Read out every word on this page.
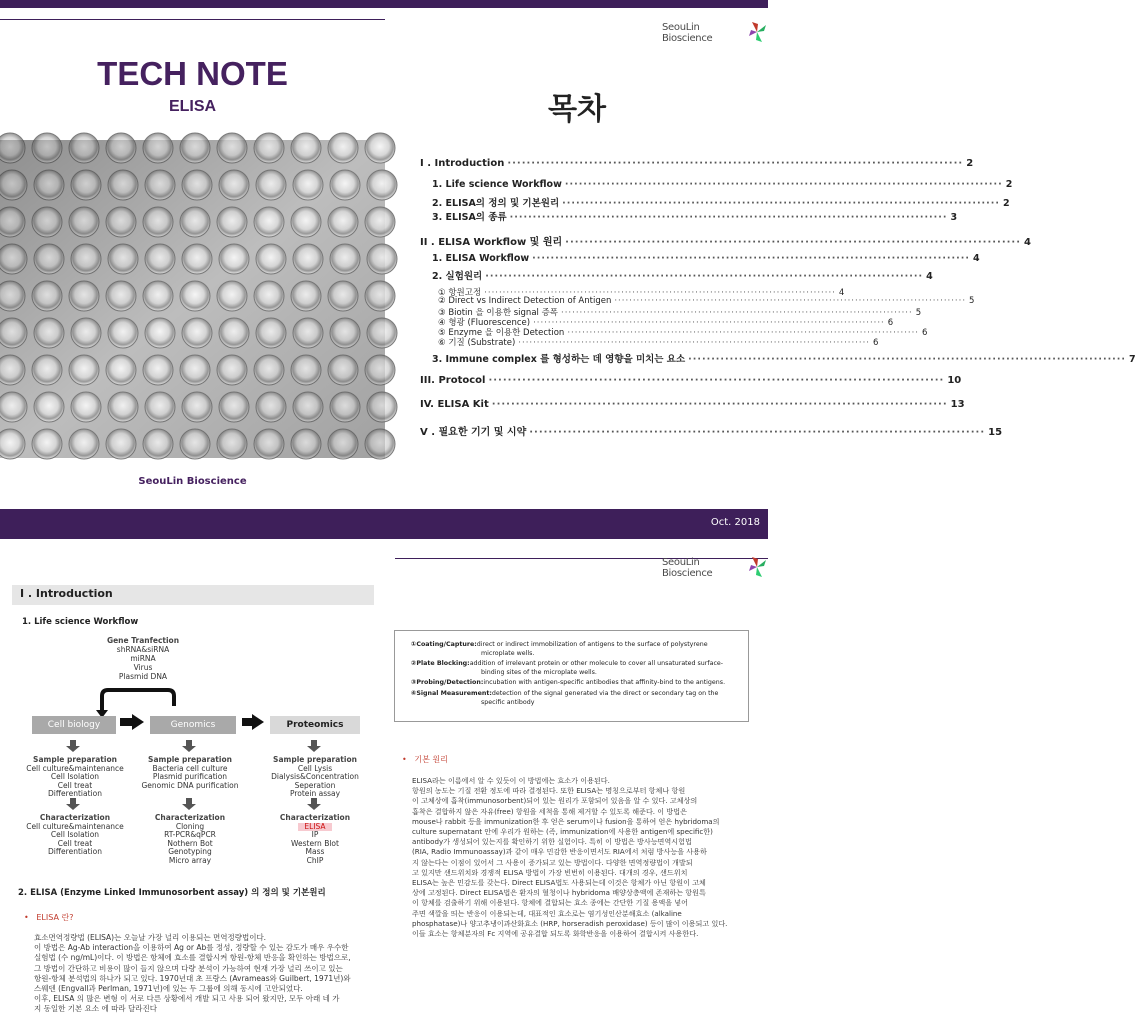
Oct. 2018
TECH NOTE
ELISA
SeouLin Bioscience
SeouLin Bioscience
SeouLin Bioscience
목차
I . Introduction ······························································································· 2
1. Life science Workflow ······························································································· 2
2. ELISA의 정의 및 기본원리 ······························································································· 2
3. ELISA의 종류 ······························································································· 3
II . ELISA Workflow 및 원리 ······························································································· 4
1. ELISA Workflow ······························································································· 4
2. 실험원리 ······························································································· 4
① 항원고정 ······························································································· 4
② Direct vs Indirect Detection of Antigen ······························································································· 5
③ Biotin 을 이용한 signal 증폭 ······························································································· 5
④ 형광 (Fluorescence) ······························································································· 6
⑤ Enzyme 을 이용한 Detection ······························································································· 6
⑥ 기질 (Substrate) ······························································································· 6
3. Immune complex 를 형성하는 데 영향을 미치는 요소 ······························································································· 7
III. Protocol ······························································································· 10
IV. ELISA Kit ······························································································· 13
V . 필요한 기기 및 시약 ······························································································· 15
I . Introduction
1. Life science Workflow
Gene Tranfection
shRNA&siRNA
miRNA
Virus
Plasmid DNA
Cell biology	Genomics	Proteomics
Sample preparation
Cell culture&maintenance
Cell Isolation
Cell treat
Differentiation
Characterization
Cell culture&maintenance
Cell Isolation
Cell treat
Differentiation
Sample preparation
Bacteria cell culture
Plasmid purification
Genomic DNA purification
Characterization
Cloning
RT-PCR&qPCR
Nothern Bot
Genotyping
Micro array
Sample preparation
Cell Lysis
Dialysis&Concentration
Seperation
Protein assay
Characterization
ELISA
IP
Western Blot
Mass
ChIP
2. ELISA (Enzyme Linked Immunosorbent assay) 의 정의 및 기본원리
•   ELISA 란?
효소면역정량법 (ELISA)는 오늘날 가장 널리 이용되는 면역정량법이다.
이 방법은 Ag-Ab interaction을 이용하여 Ag or Ab를 정성, 정량할 수 있는 감도가 매우 우수한
실험법 (수 ng/mL)이다. 이 방법은 항체에 효소를 결합시켜 항원-항체 반응을 확인하는 방법으로,
그 방법이 간단하고 비용이 많이 들지 않으며 다량 분석이 가능하여 현재 가장 널리 쓰이고 있는
항원-항체 분석법의 하나가 되고 있다. 1970년대 초 프랑스 (Avrameas와 Guilbert, 1971년)와
스웨덴 (Engvall과 Perlman, 1971년)에 있는 두 그룹에 의해 동시에 고안되었다.
이후, ELISA 의 많은 변형 이 서로 다른 상황에서 개발 되고 사용 되어 왔지만, 모두 아래 네 가
지 동일한 기본 요소 에 따라 달라진다
①Coating/Capture:direct or indirect immobilization of antigens to the surface of polystyrene
microplate wells.
②Plate Blocking:addition of irrelevant protein or other molecule to cover all unsaturated surface-
binding sites of the microplate wells.
③Probing/Detection:incubation with antigen-specific antibodies that affinity-bind to the antigens.
④Signal Measurement:detection of the signal generated via the direct or secondary tag on the
specific antibody
•   기본 원리
ELISA라는 이름에서 알 수 있듯이 이 방법에는 효소가 이용된다.
항원의 농도는 기질 전환 정도에 따라 결정된다. 또한 ELISA는 명칭으로부터 항체나 항원
이 고체상에 흡착(immunosorbent)되어 있는 원리가 포함되어 있음을 알 수 있다. 고체상의
흡착은 결합하지 않은 자유(free) 항원을 세척을 통해 제거할 수 있도록 해준다. 이 방법은
mouse나 rabbit 등을 immunization한 후 얻은 serum이나 fusion을 통하여 얻은 hybridoma의
culture supernatant 안에 우리가 원하는 (즉, immunization에 사용한 antigen에 specific한)
antibody가 생성되어 있는지를 확인하기 위한 실험이다. 특히 이 방법은 방사능면역시험법
(RIA, Radio Immunoassay)과 같이 매우 민감한 반응이면서도 RIA에서 처럼 방사능을 사용하
지 않는다는 이점이 있어서 그 사용이 증가되고 있는 방법이다. 다양한 면역정량법이 개발되
고 있지만 샌드위치와 경쟁적 ELISA 방법이 가장 빈번히 이용된다. 대개의 경우, 샌드위치
ELISA는 높은 민감도를 갖는다. Direct ELISA법도 사용되는데 이것은 항체가 아닌 항원이 고체
상에 고정된다. Direct ELISA법은 환자의 혈청이나 hybridoma 배양상층액에 존재하는 항원특
이 항체를 검출하기 위해 이용된다. 항체에 결합되는 효소 종에는 간단한 기질 용액을 넣어
주면 색깔을 띄는 반응이 이용되는데, 대표적인 효소로는 염기성인산분해효소 (alkaline
phosphatase)나 양고추냉이과산화효소 (HRP, horseradish peroxidase) 등이 많이 이용되고 있다.
이들 효소는 항체분자의 Fc 지역에 공유결합 되도록 화학반응을 이용하여 결합시켜 사용한다.
